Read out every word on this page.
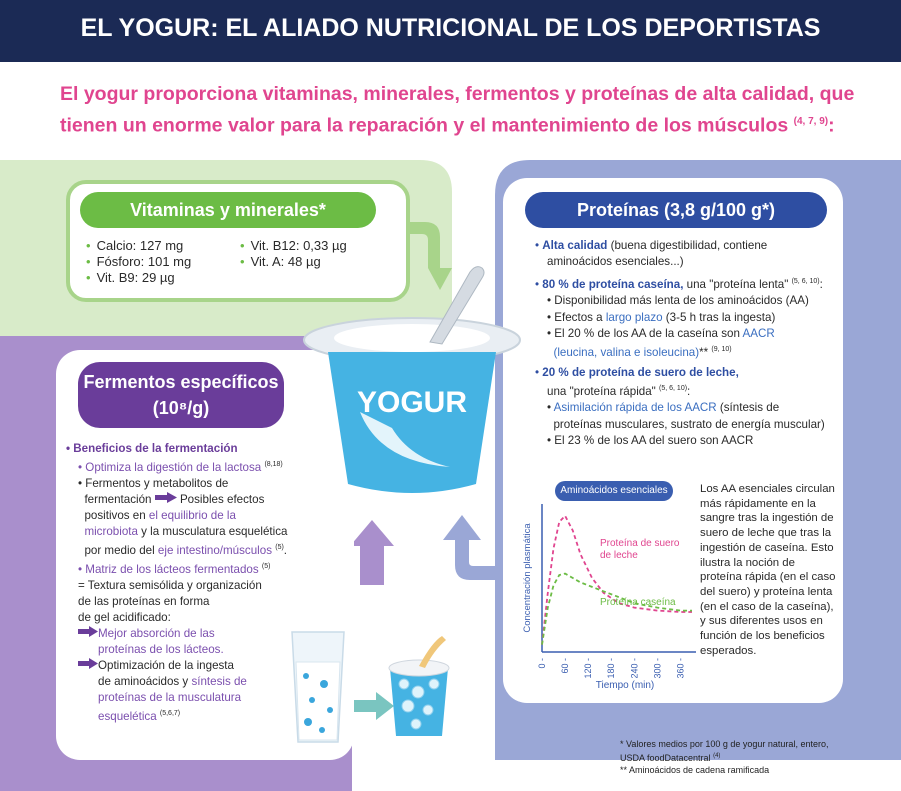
EL YOGUR: EL ALIADO NUTRICIONAL DE LOS DEPORTISTAS
El yogur proporciona vitaminas, minerales, fermentos y proteínas de alta calidad, que
tienen un enorme valor para la reparación y el mantenimiento de los músculos $^{(4, 7, 9)}$:
Vitaminas y minerales*
• Calcio: 127 mg
• Fósforo: 101 mg
• Vit. B9: 29 µg
• Vit. B12: 0,33 µg
• Vit. A: 48 µg
Proteínas (3,8 g/100 g*)
• Alta calidad (buena digestibilidad, contiene
aminoácidos esenciales...)
• 80 % de proteína caseína, una "proteína lenta" $^{(5, 6, 10)}$:
• Disponibilidad más lenta de los aminoácidos (AA)
• Efectos a largo plazo (3-5 h tras la ingesta)
• El 20 % de los AA de la caseína son AACR
(leucina, valina e isoleucina)** $^{(9, 10)}$
• 20 % de proteína de suero de leche,
una "proteína rápida" $^{(5, 6, 10)}$:
• Asimilación rápida de los AACR (síntesis de
proteínas musculares, sustrato de energía muscular)
• El 23 % de los AA del suero son AACR
Aminoácidos esenciales
0 - 60 - 120 - 180 - 240 - 300 - 360 -
Concentración plasmática
Tiempo (min)
Proteína de suero de leche
Proteína caseína
Los AA esenciales circulan más rápidamente en la sangre tras la ingestión de suero de leche que tras la ingestión de caseína. Esto ilustra la noción de proteína rápida (en el caso del suero) y proteína lenta (en el caso de la caseína), y sus diferentes usos en función de los beneficios esperados.
Fermentos específicos
(10⁸/g)
• Beneficios de la fermentación
• Optimiza la digestión de la lactosa $^{(8,18)}$
• Fermentos y metabolitos de
fermentación Posibles efectos
positivos en el equilibrio de la
microbiota y la musculatura esquelética
por medio del eje intestino/músculos $^{(5)}$.
• Matriz de los lácteos fermentados $^{(5)}$
= Textura semisólida y organización
de las proteínas en forma
de gel acidificado:
Mejor absorción de las
proteínas de los lácteos.
Optimización de la ingesta
de aminoácidos y síntesis de
proteínas de la musculatura
esquelética $^{(5,6,7)}$
YOGUR
* Valores medios por 100 g de yogur natural, entero,
USDA foodDatacentral $^{(4)}$
** Aminoácidos de cadena ramificada
